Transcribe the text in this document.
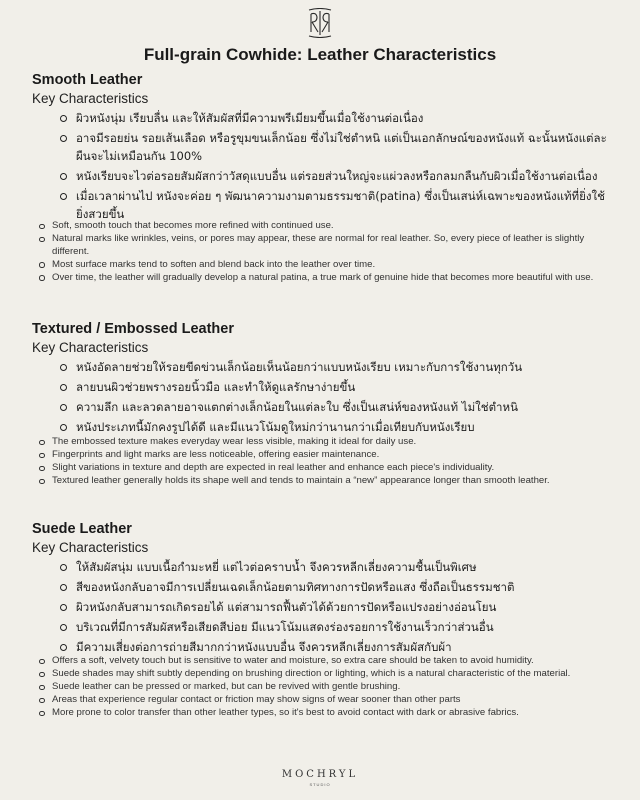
Full-grain Cowhide: Leather Characteristics
Smooth Leather
Key Characteristics
ผิวหนังนุ่ม เรียบลื่น และให้สัมผัสที่มีความพรีเมียมขึ้นเมื่อใช้งานต่อเนื่อง
อาจมีรอยย่น รอยเส้นเลือด หรือรูขุมขนเล็กน้อย ซึ่งไม่ใช่ตำหนิ แต่เป็นเอกลักษณ์ของหนังแท้ ฉะนั้นหนังแต่ละผืนจะไม่เหมือนกัน 100%
หนังเรียบจะไวต่อรอยสัมผัสกว่าวัสดุแบบอื่น แต่รอยส่วนใหญ่จะแผ่วลงหรือกลมกลืนกับผิวเมื่อใช้งานต่อเนื่อง
เมื่อเวลาผ่านไป หนังจะค่อย ๆ พัฒนาความงามตามธรรมชาติ(patina) ซึ่งเป็นเสน่ห์เฉพาะของหนังแท้ที่ยิ่งใช้ยิ่งสวยขึ้น
Soft, smooth touch that becomes more refined with continued use.
Natural marks like wrinkles, veins, or pores may appear, these are normal for real leather. So, every piece of leather is slightly different.
Most surface marks tend to soften and blend back into the leather over time.
Over time, the leather will gradually develop a natural patina, a true mark of genuine hide that becomes more beautiful with use.
Textured / Embossed Leather
Key Characteristics
หนังอัดลายช่วยให้รอยขีดข่วนเล็กน้อยเห็นน้อยกว่าแบบหนังเรียบ เหมาะกับการใช้งานทุกวัน
ลายบนผิวช่วยพรางรอยนิ้วมือ และทำให้ดูแลรักษาง่ายขึ้น
ความลึก และลวดลายอาจแตกต่างเล็กน้อยในแต่ละใบ ซึ่งเป็นเสน่ห์ของหนังแท้ ไม่ใช่ตำหนิ
หนังประเภทนี้มักคงรูปได้ดี และมีแนวโน้มดูใหม่กว่านานกว่าเมื่อเทียบกับหนังเรียบ
The embossed texture makes everyday wear less visible, making it ideal for daily use.
Fingerprints and light marks are less noticeable, offering easier maintenance.
Slight variations in texture and depth are expected in real leather and enhance each piece's individuality.
Textured leather generally holds its shape well and tends to maintain a “new” appearance longer than smooth leather.
Suede Leather
Key Characteristics
ให้สัมผัสนุ่ม แบบเนื้อกำมะหยี่ แต่ไวต่อคราบน้ำ จึงควรหลีกเลี่ยงความชื้นเป็นพิเศษ
สีของหนังกลับอาจมีการเปลี่ยนเฉดเล็กน้อยตามทิศทางการปัดหรือแสง ซึ่งถือเป็นธรรมชาติ
ผิวหนังกลับสามารถเกิดรอยได้ แต่สามารถฟื้นตัวได้ด้วยการปัดหรือแปรงอย่างอ่อนโยน
บริเวณที่มีการสัมผัสหรือเสียดสีบ่อย มีแนวโน้มแสดงร่องรอยการใช้งานเร็วกว่าส่วนอื่น
มีความเสี่ยงต่อการถ่ายสีมากกว่าหนังแบบอื่น จึงควรหลีกเลี่ยงการสัมผัสกับผ้า
Offers a soft, velvety touch but is sensitive to water and moisture, so extra care should be taken to avoid humidity.
Suede shades may shift subtly depending on brushing direction or lighting, which is a natural characteristic of the material.
Suede leather can be pressed or marked, but can be revived with gentle brushing.
Areas that experience regular contact or friction may show signs of wear sooner than other parts
More prone to color transfer than other leather types, so it's best to avoid contact with dark or abrasive fabrics.
MOCHRYL
STUDIO
